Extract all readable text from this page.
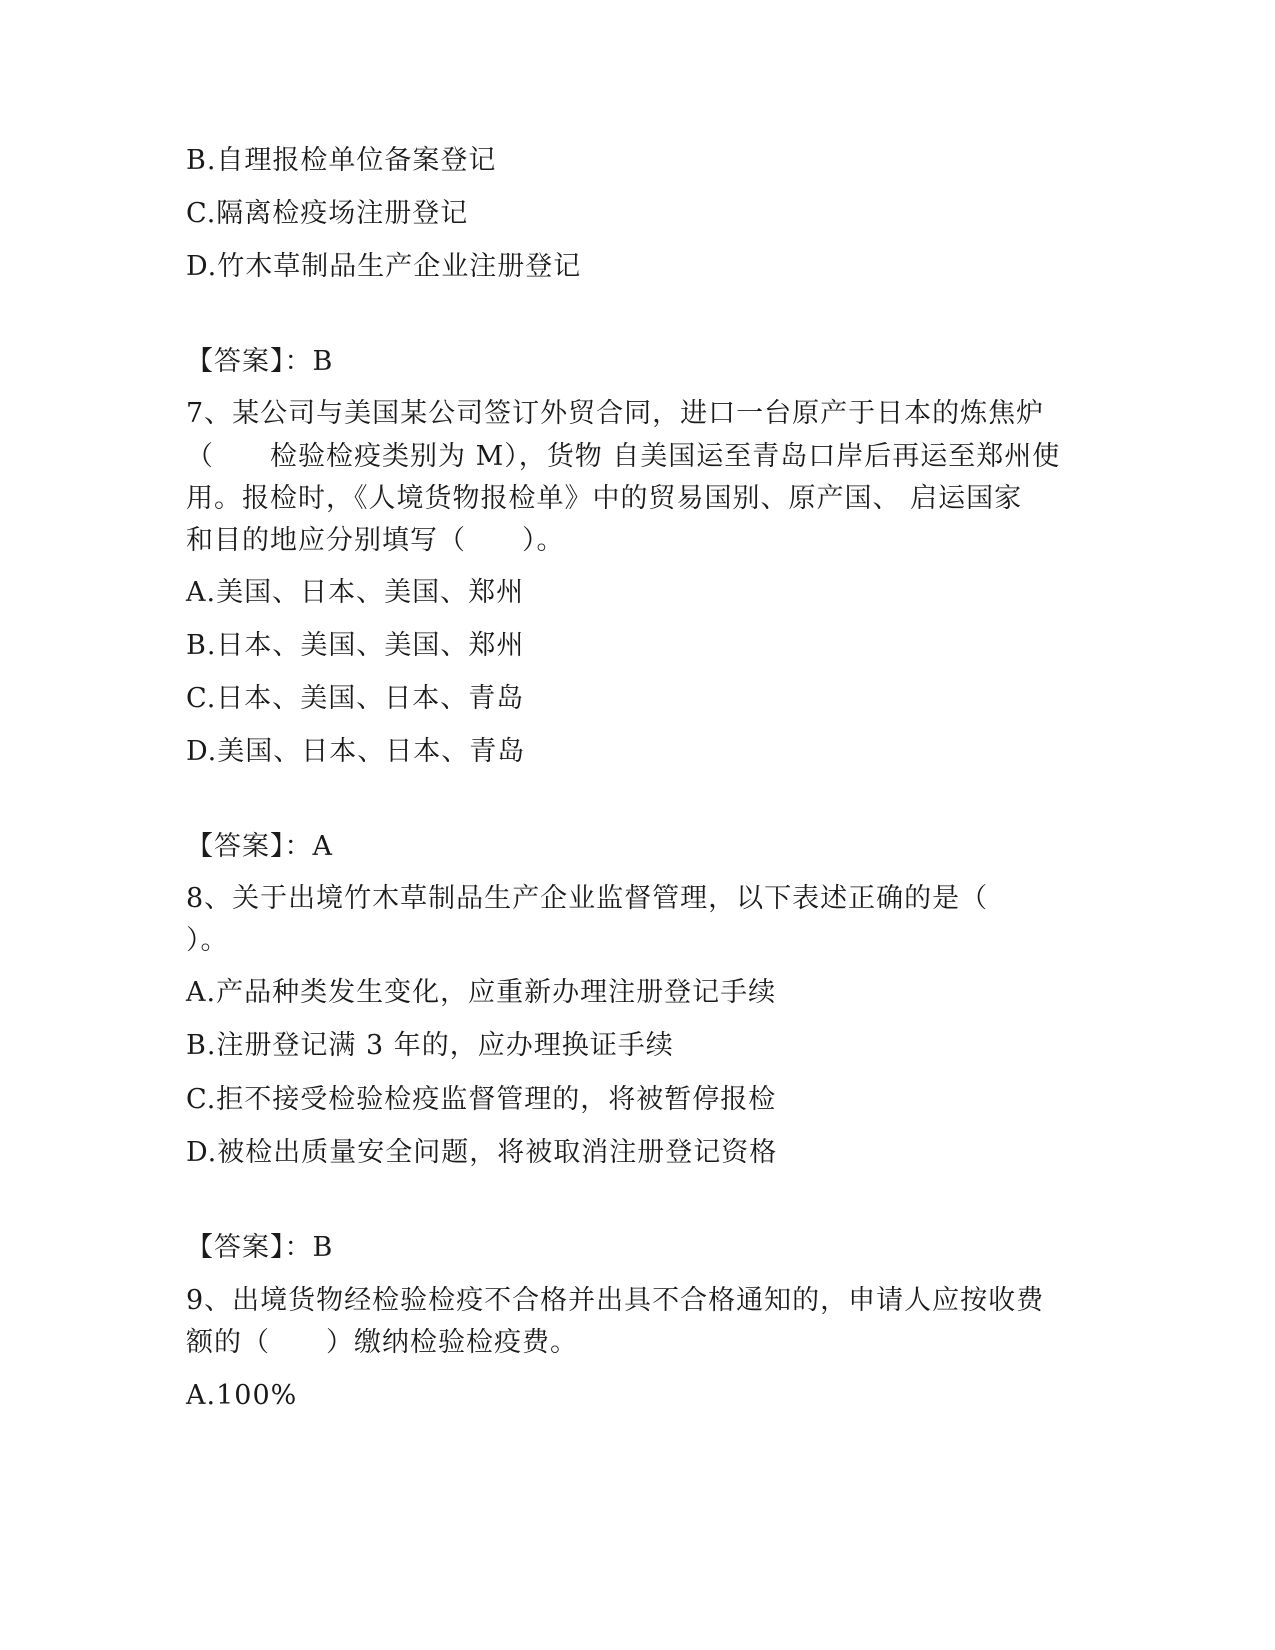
B.自理报检单位备案登记
C.隔离检疫场注册登记
D.竹木草制品生产企业注册登记
【答案】：B
7、某公司与美国某公司签订外贸合同，进口一台原产于日本的炼焦炉
（　　检验检疫类别为 M），货物 自美国运至青岛口岸后再运至郑州使
用。报检时，《人境货物报检单》中的贸易国别、原产国、 启运国家
和目的地应分别填写（　　）。
A.美国、日本、美国、郑州
B.日本、美国、美国、郑州
C.日本、美国、日本、青岛
D.美国、日本、日本、青岛
【答案】：A
8、关于出境竹木草制品生产企业监督管理，以下表述正确的是（
）。
A.产品种类发生变化，应重新办理注册登记手续
B.注册登记满 3 年的，应办理换证手续
C.拒不接受检验检疫监督管理的，将被暂停报检
D.被检出质量安全问题，将被取消注册登记资格
【答案】：B
9、出境货物经检验检疫不合格并出具不合格通知的，申请人应按收费
额的（　　）缴纳检验检疫费。
A.100%
